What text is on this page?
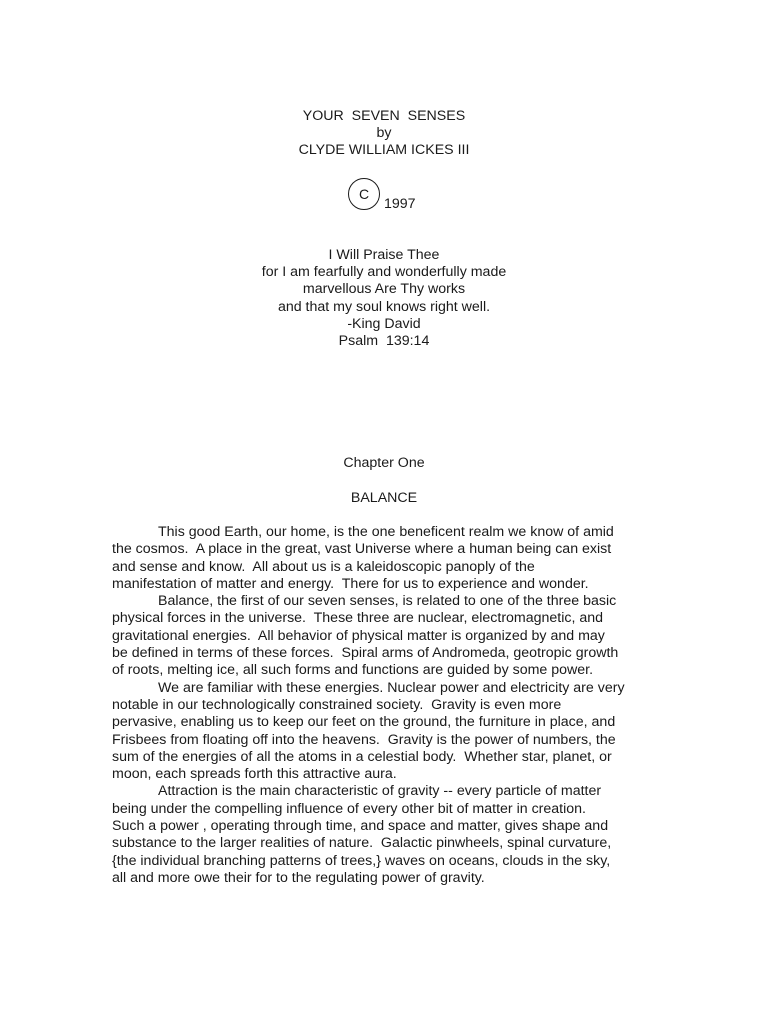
YOUR  SEVEN  SENSES
by
CLYDE WILLIAM ICKES III
C
1997
I Will Praise Thee
for I am fearfully and wonderfully made
marvellous Are Thy works
and that my soul knows right well.
-King David
Psalm  139:14
Chapter One
BALANCE
This good Earth, our home, is the one beneficent realm we know of amid
the cosmos.  A place in the great, vast Universe where a human being can exist
and sense and know.  All about us is a kaleidoscopic panoply of the
manifestation of matter and energy.  There for us to experience and wonder.
Balance, the first of our seven senses, is related to one of the three basic
physical forces in the universe.  These three are nuclear, electromagnetic, and
gravitational energies.  All behavior of physical matter is organized by and may
be defined in terms of these forces.  Spiral arms of Andromeda, geotropic growth
of roots, melting ice, all such forms and functions are guided by some power.
We are familiar with these energies. Nuclear power and electricity are very
notable in our technologically constrained society.  Gravity is even more
pervasive, enabling us to keep our feet on the ground, the furniture in place, and
Frisbees from floating off into the heavens.  Gravity is the power of numbers, the
sum of the energies of all the atoms in a celestial body.  Whether star, planet, or
moon, each spreads forth this attractive aura.
Attraction is the main characteristic of gravity -- every particle of matter
being under the compelling influence of every other bit of matter in creation.
Such a power , operating through time, and space and matter, gives shape and
substance to the larger realities of nature.  Galactic pinwheels, spinal curvature,
{the individual branching patterns of trees,} waves on oceans, clouds in the sky,
all and more owe their for to the regulating power of gravity.
